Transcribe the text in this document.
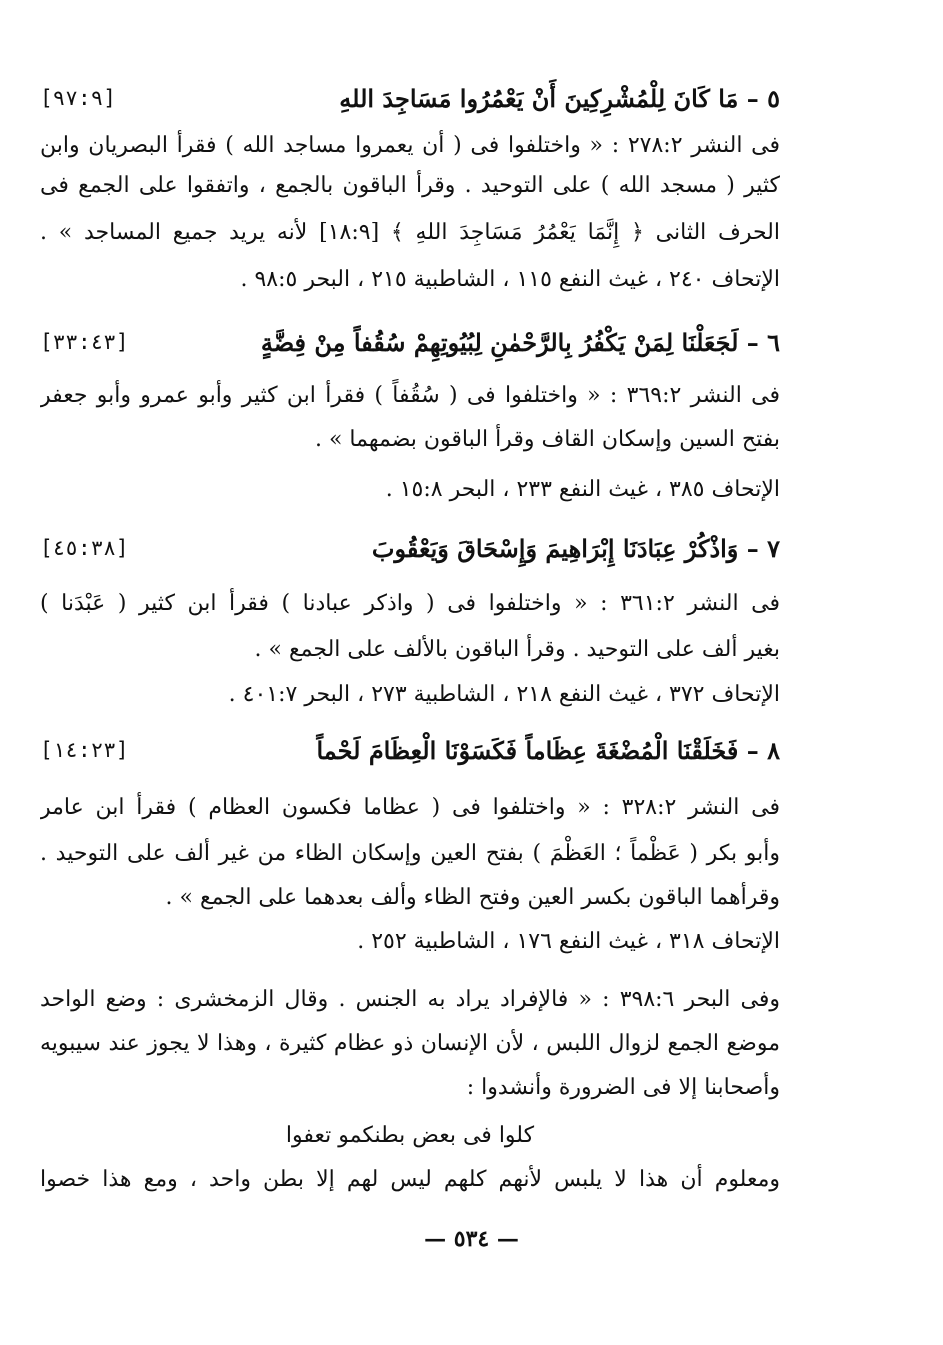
٥ – مَا كَانَ لِلْمُشْرِكِينَ أَنْ يَعْمُرُوا مَسَاجِدَ اللهِ
[٩٧:٩]
فى النشر ٢٧٨:٢ : « واختلفوا فى ( أن يعمروا مساجد الله ) فقرأ البصريان وابن
كثير ( مسجد الله ) على التوحيد . وقرأ الباقون بالجمع ، واتفقوا على الجمع فى
الحرف الثانى ﴿ إِنَّمَا يَعْمُرُ مَسَاجِدَ اللهِ ﴾ [١٨:٩] لأنه يريد جميع المساجد » .
الإتحاف ٢٤٠ ، غيث النفع ١١٥ ، الشاطبية ٢١٥ ، البحر ٩٨:٥ .
٦ – لَجَعَلْنَا لِمَنْ يَكْفُرُ بِالرَّحْمٰنِ لِبُيُوتِهِمْ سُقُفاً مِنْ فِضَّةٍ
[٣٣:٤٣]
فى النشر ٣٦٩:٢ : « واختلفوا فى ( سُقُفاً ) فقرأ ابن كثير وأبو عمرو وأبو جعفر
بفتح السين وإسكان القاف وقرأ الباقون بضمهما » .
الإتحاف ٣٨٥ ، غيث النفع ٢٣٣ ، البحر ١٥:٨ .
٧ – وَاذْكُرْ عِبَادَنَا إِبْرَاهِيمَ وَإِسْحَاقَ وَيَعْقُوبَ
[٤٥:٣٨]
فى النشر ٣٦١:٢ : « واختلفوا فى ( واذكر عبادنا ) فقرأ ابن كثير ( عَبْدَنا )
بغير ألف على التوحيد . وقرأ الباقون بالألف على الجمع » .
الإتحاف ٣٧٢ ، غيث النفع ٢١٨ ، الشاطبية ٢٧٣ ، البحر ٤٠١:٧ .
٨ – فَخَلَقْنَا الْمُضْغَةَ عِظَاماً فَكَسَوْنَا الْعِظَامَ لَحْماً
[١٤:٢٣]
فى النشر ٣٢٨:٢ : « واختلفوا فى ( عظاما فكسون العظام ) فقرأ ابن عامر
وأبو بكر ( عَظْماً ؛ العَظْمَ ) بفتح العين وإسكان الظاء من غير ألف على التوحيد .
وقرأهما الباقون بكسر العين وفتح الظاء وألف بعدهما على الجمع » .
الإتحاف ٣١٨ ، غيث النفع ١٧٦ ، الشاطبية ٢٥٢ .
وفى البحر ٣٩٨:٦ : « فالإفراد يراد به الجنس . وقال الزمخشرى : وضع الواحد
موضع الجمع لزوال اللبس ، لأن الإنسان ذو عظام كثيرة ، وهذا لا يجوز عند سيبويه
وأصحابنا إلا فى الضرورة وأنشدوا :
كلوا فى بعض بطنكمو تعفوا
ومعلوم أن هذا لا يلبس لأنهم كلهم ليس لهم إلا بطن واحد ، ومع هذا خصوا
— ٥٣٤ —
